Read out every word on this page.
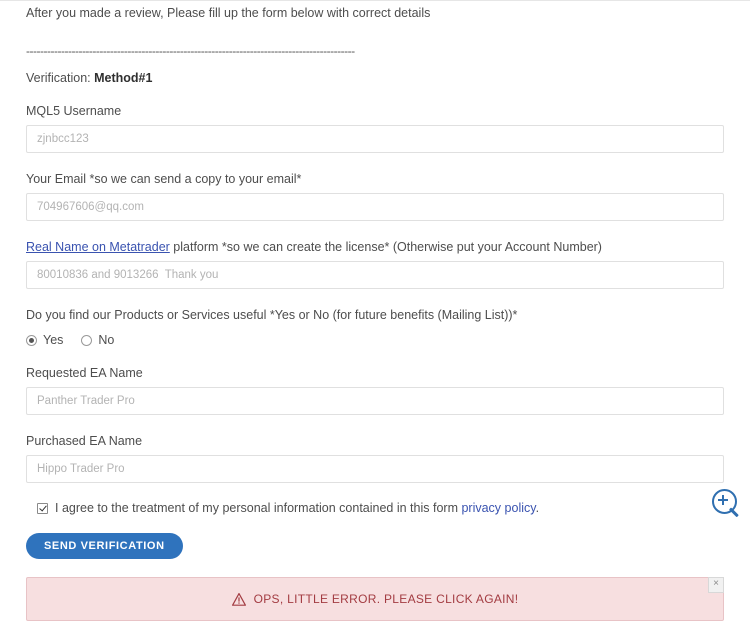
After you made a review, Please fill up the form below with correct details
----------------------------------------------------------------------------------------------
Verification: Method#1
MQL5 Username
zjnbcc123
Your Email *so we can send a copy to your email*
704967606@qq.com
Real Name on Metatrader platform *so we can create the license* (Otherwise put your Account Number)
80010836 and 9013266 Thank you
Do you find our Products or Services useful *Yes or No (for future benefits (Mailing List))*
Yes	No
Requested EA Name
Panther Trader Pro
Purchased EA Name
Hippo Trader Pro
I agree to the treatment of my personal information contained in this form privacy policy.
SEND VERIFICATION
OPS, LITTLE ERROR. PLEASE CLICK AGAIN!
×
